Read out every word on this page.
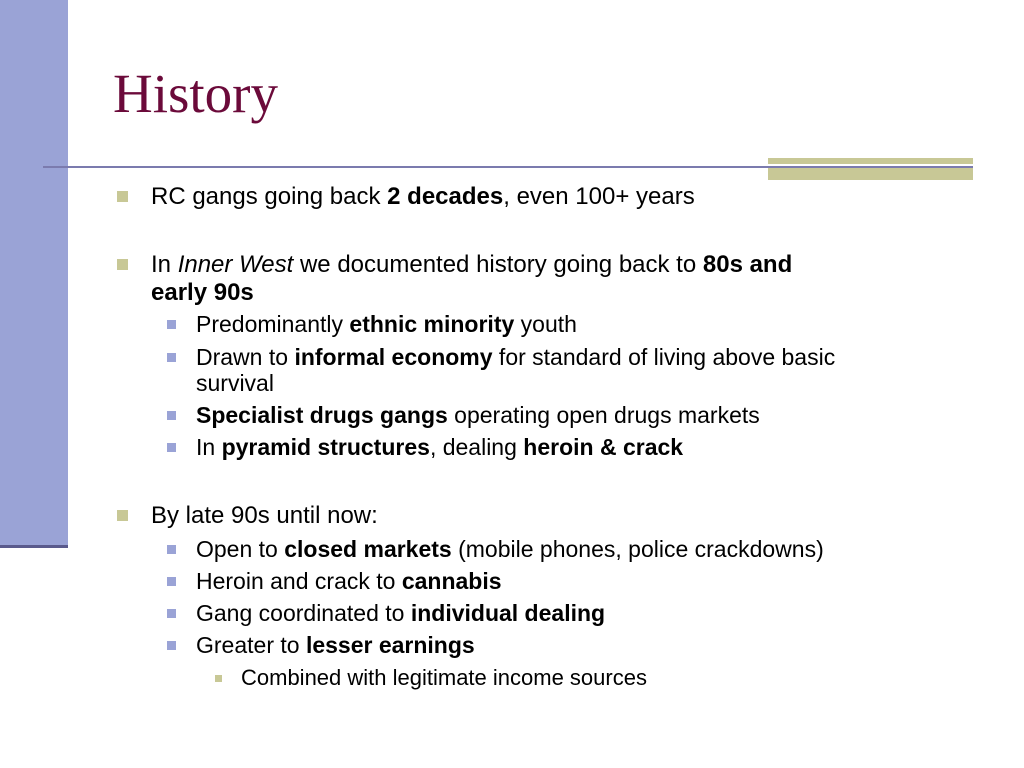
History
RC gangs going back 2 decades, even 100+ years
In Inner West we documented history going back to 80s and
early 90s
Predominantly ethnic minority youth
Drawn to informal economy for standard of living above basic
survival
Specialist drugs gangs operating open drugs markets
In pyramid structures, dealing heroin & crack
By late 90s until now:
Open to closed markets (mobile phones, police crackdowns)
Heroin and crack to cannabis
Gang coordinated to individual dealing
Greater to lesser earnings
Combined with legitimate income sources
